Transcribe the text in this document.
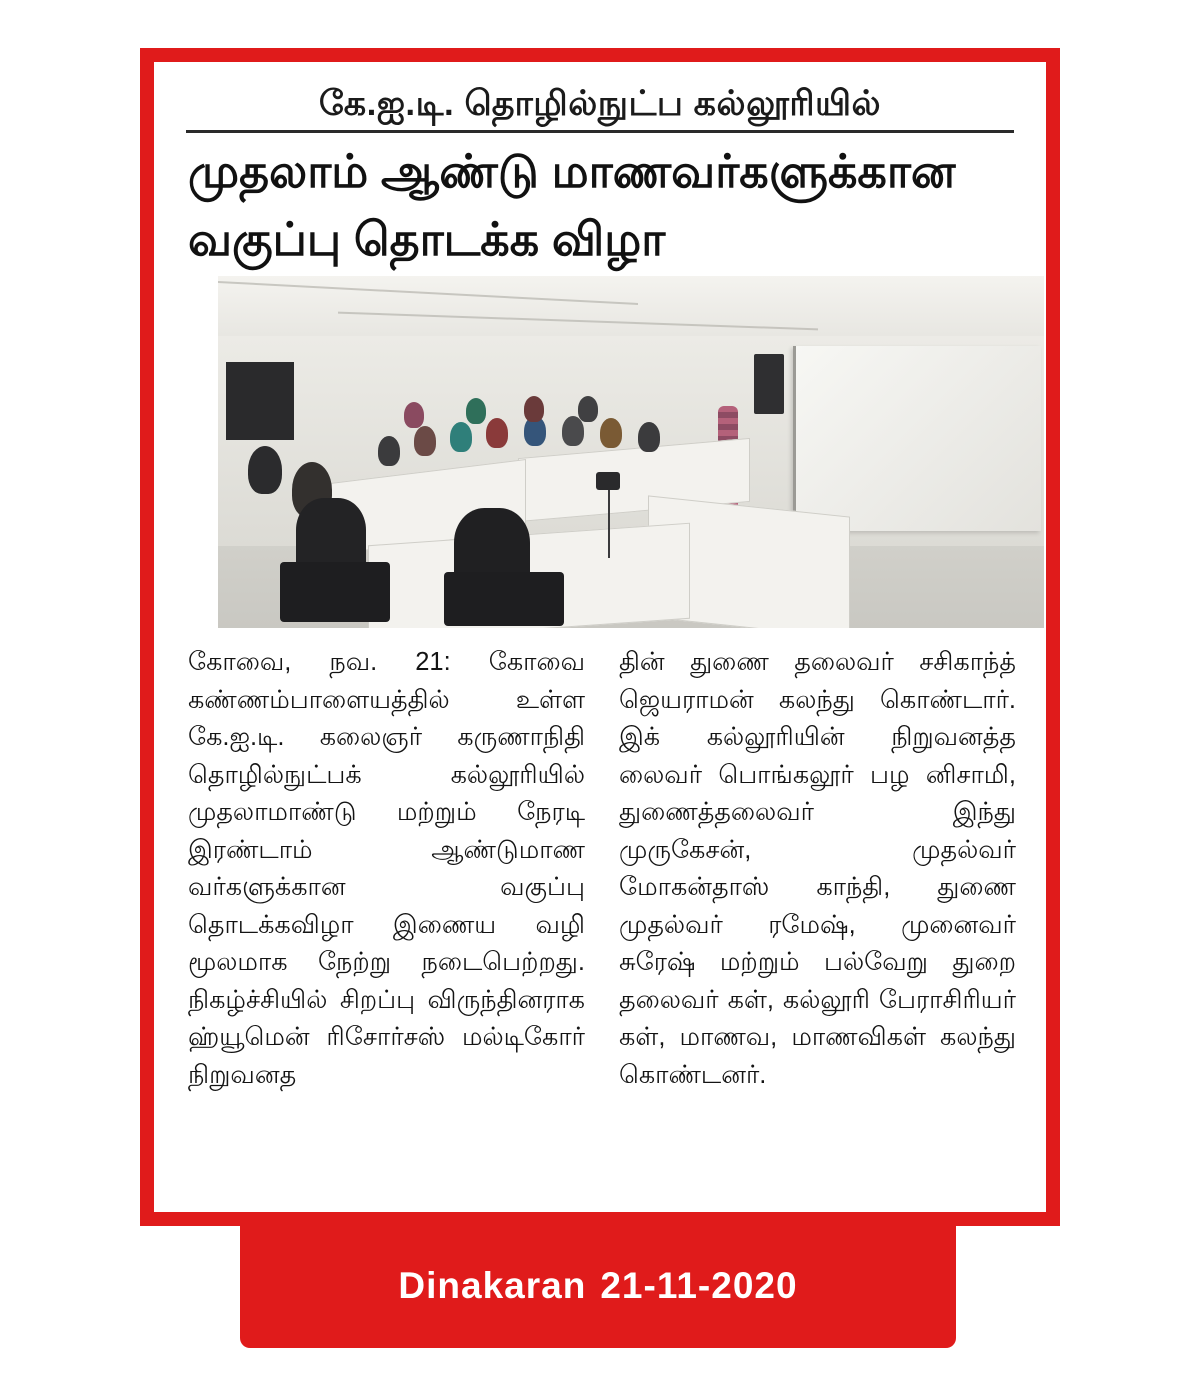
கே.ஐ.டி. தொழில்நுட்ப கல்லூரியில்
முதலாம் ஆண்டு மாணவர்களுக்கான
வகுப்பு தொடக்க விழா

கோவை, நவ. 21: கோவை கண்ணம்பாளையத்தில் உள்ள கே.ஐ.டி. கலைஞர் கருணாநிதி தொழில்நுட்பக் கல்லூரியில் முதலாமாண்டு மற்றும் நேரடி இரண்டாம் ஆண்டுமாண வர்களுக்கான வகுப்பு தொடக்கவிழா இணைய வழி மூலமாக நேற்று நடைபெற்றது. நிகழ்ச்சியில் சிறப்பு விருந்தினராக ஹ்யூமென் ரிசோர்சஸ் மல்டிகோர் நிறுவனத

தின் துணை தலைவர் சசிகாந்த் ஜெயராமன் கலந்து கொண்டார். இக் கல்லூரியின் நிறுவனத்த லைவர் பொங்கலூர் பழ னிசாமி, துணைத்தலைவர் இந்து முருகேசன், முதல்வர் மோகன்தாஸ் காந்தி, துணை முதல்வர் ரமேஷ், முனைவர் சுரேஷ் மற்றும் பல்வேறு துறை தலைவர் கள், கல்லூரி பேராசிரியர் கள், மாணவ, மாணவிகள் கலந்து கொண்டனர்.

Dinakaran 21-11-2020
